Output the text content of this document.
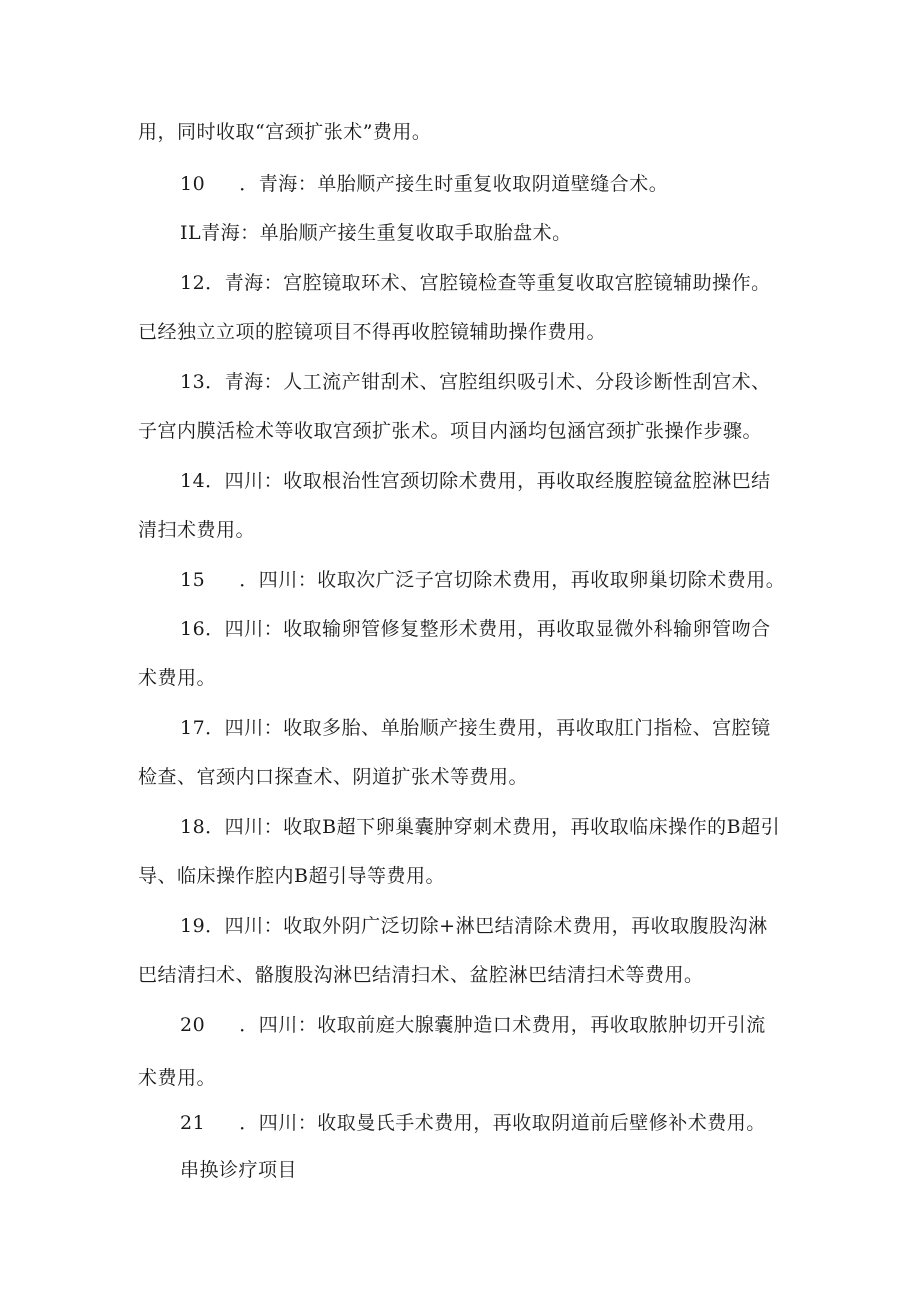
用，同时收取“宫颈扩张术”费用。
10 ．青海：单胎顺产接生时重复收取阴道壁缝合术。
IL青海：单胎顺产接生重复收取手取胎盘术。
12．青海：宫腔镜取环术、宫腔镜检查等重复收取宫腔镜辅助操作。
已经独立立项的腔镜项目不得再收腔镜辅助操作费用。
13．青海：人工流产钳刮术、宫腔组织吸引术、分段诊断性刮宫术、
子宫内膜活检术等收取宫颈扩张术。项目内涵均包涵宫颈扩张操作步骤。
14．四川：收取根治性宫颈切除术费用，再收取经腹腔镜盆腔淋巴结
清扫术费用。
15 ．四川：收取次广泛子宫切除术费用，再收取卵巢切除术费用。
16．四川：收取输卵管修复整形术费用，再收取显微外科输卵管吻合
术费用。
17．四川：收取多胎、单胎顺产接生费用，再收取肛门指检、宫腔镜
检查、官颈内口探查术、阴道扩张术等费用。
18．四川：收取B超下卵巢囊肿穿刺术费用，再收取临床操作的B超引
导、临床操作腔内B超引导等费用。
19．四川：收取外阴广泛切除+淋巴结清除术费用，再收取腹股沟淋
巴结清扫术、骼腹股沟淋巴结清扫术、盆腔淋巴结清扫术等费用。
20 ．四川：收取前庭大腺囊肿造口术费用，再收取脓肿切开引流
术费用。
21 ．四川：收取曼氏手术费用，再收取阴道前后壁修补术费用。
串换诊疗项目
